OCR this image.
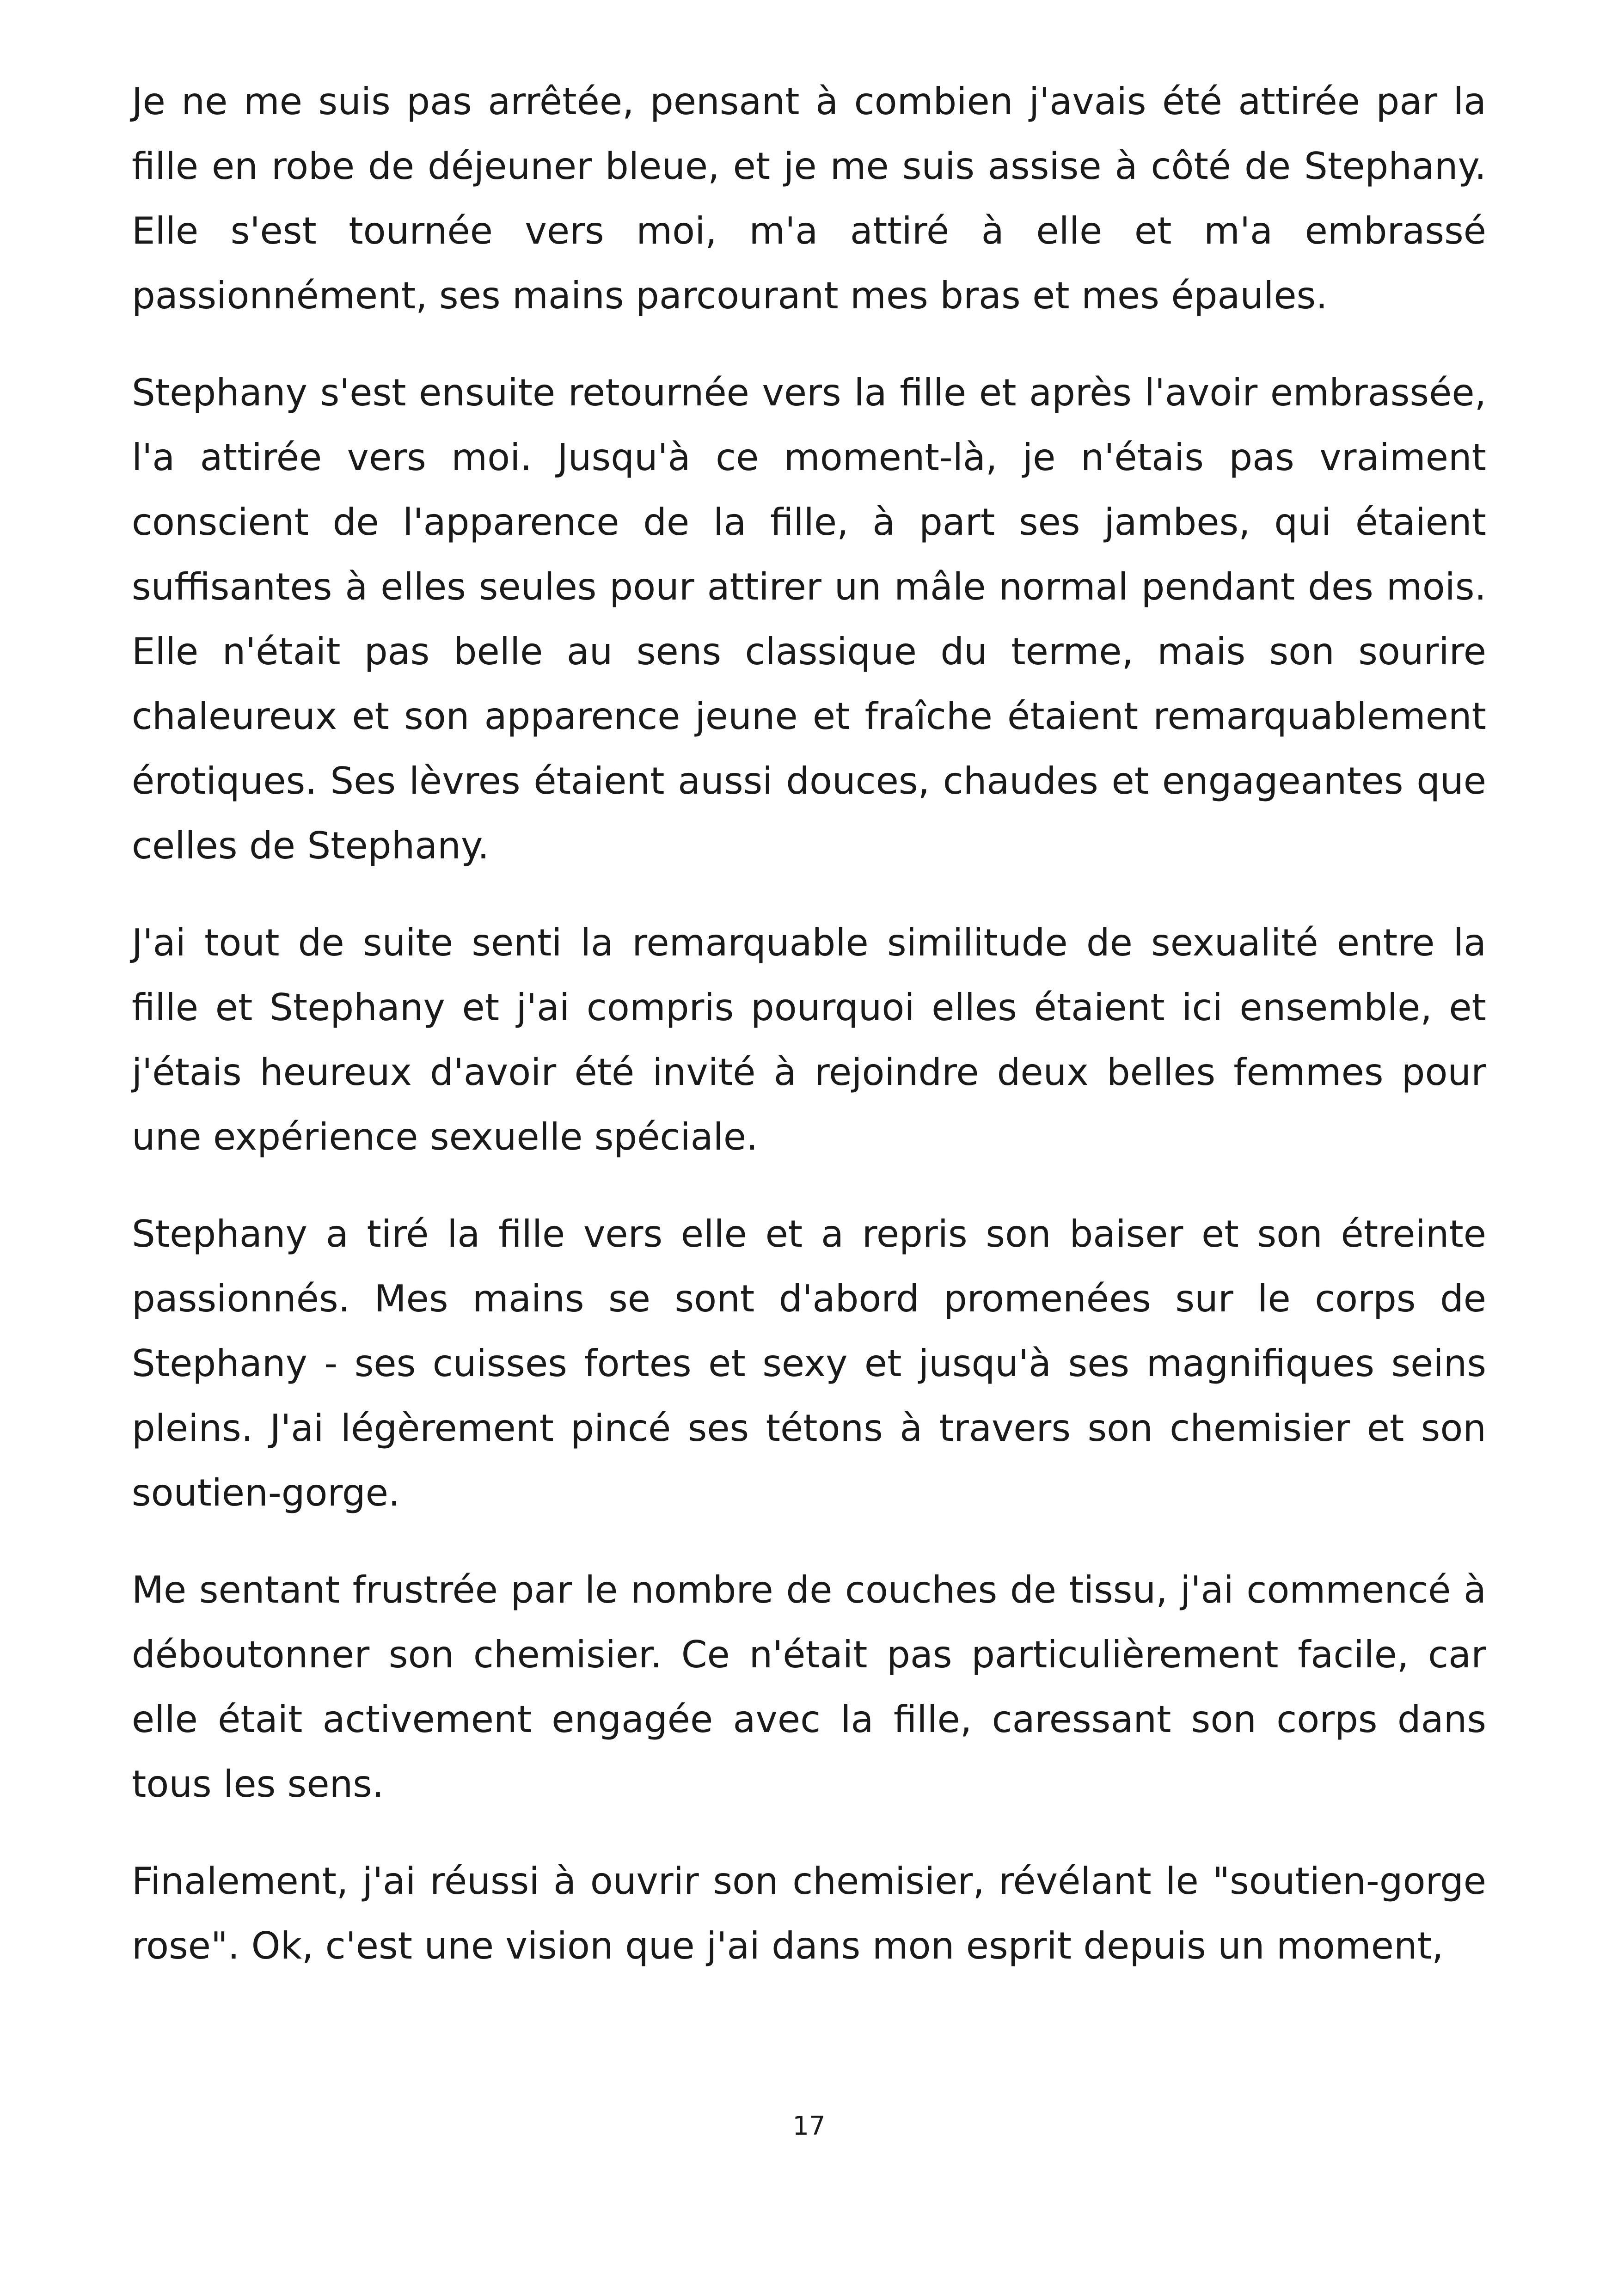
Je ne me suis pas arrêtée, pensant à combien j'avais été attirée par la fille en robe de déjeuner bleue, et je me suis assise à côté de Stephany. Elle s'est tournée vers moi, m'a attiré à elle et m'a embrassé passionnément, ses mains parcourant mes bras et mes épaules.

Stephany s'est ensuite retournée vers la fille et après l'avoir embrassée, l'a attirée vers moi. Jusqu'à ce moment-là, je n'étais pas vraiment conscient de l'apparence de la fille, à part ses jambes, qui étaient suffisantes à elles seules pour attirer un mâle normal pendant des mois. Elle n'était pas belle au sens classique du terme, mais son sourire chaleureux et son apparence jeune et fraîche étaient remarquablement érotiques. Ses lèvres étaient aussi douces, chaudes et engageantes que celles de Stephany.

J'ai tout de suite senti la remarquable similitude de sexualité entre la fille et Stephany et j'ai compris pourquoi elles étaient ici ensemble, et j'étais heureux d'avoir été invité à rejoindre deux belles femmes pour une expérience sexuelle spéciale.

Stephany a tiré la fille vers elle et a repris son baiser et son étreinte passionnés. Mes mains se sont d'abord promenées sur le corps de Stephany - ses cuisses fortes et sexy et jusqu'à ses magnifiques seins pleins. J'ai légèrement pincé ses tétons à travers son chemisier et son soutien-gorge.

Me sentant frustrée par le nombre de couches de tissu, j'ai commencé à déboutonner son chemisier. Ce n'était pas particulièrement facile, car elle était activement engagée avec la fille, caressant son corps dans tous les sens.

Finalement, j'ai réussi à ouvrir son chemisier, révélant le "soutien-gorge rose". Ok, c'est une vision que j'ai dans mon esprit depuis un moment,

17
